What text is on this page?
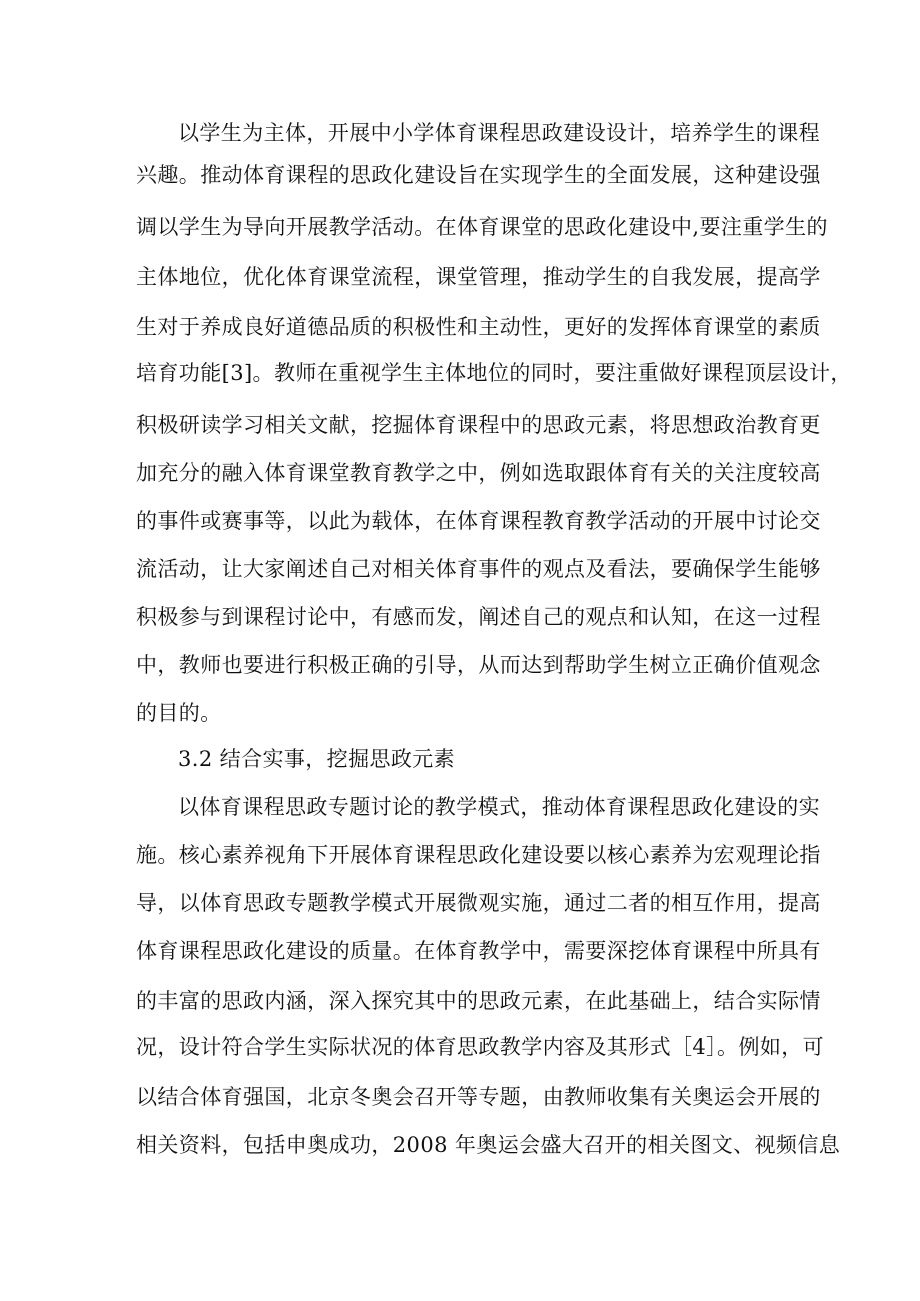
以学生为主体，开展中小学体育课程思政建设设计，培养学生的课程
兴趣。推动体育课程的思政化建设旨在实现学生的全面发展，这种建设强
调以学生为导向开展教学活动。在体育课堂的思政化建设中,要注重学生的
主体地位，优化体育课堂流程，课堂管理，推动学生的自我发展，提高学
生对于养成良好道德品质的积极性和主动性，更好的发挥体育课堂的素质
培育功能[3]。教师在重视学生主体地位的同时，要注重做好课程顶层设计，
积极研读学习相关文献，挖掘体育课程中的思政元素，将思想政治教育更
加充分的融入体育课堂教育教学之中，例如选取跟体育有关的关注度较高
的事件或赛事等，以此为载体，在体育课程教育教学活动的开展中讨论交
流活动，让大家阐述自己对相关体育事件的观点及看法，要确保学生能够
积极参与到课程讨论中，有感而发，阐述自己的观点和认知，在这一过程
中，教师也要进行积极正确的引导，从而达到帮助学生树立正确价值观念
的目的。
3.2 结合实事，挖掘思政元素
以体育课程思政专题讨论的教学模式，推动体育课程思政化建设的实
施。核心素养视角下开展体育课程思政化建设要以核心素养为宏观理论指
导，以体育思政专题教学模式开展微观实施，通过二者的相互作用，提高
体育课程思政化建设的质量。在体育教学中，需要深挖体育课程中所具有
的丰富的思政内涵，深入探究其中的思政元素，在此基础上，结合实际情
况，设计符合学生实际状况的体育思政教学内容及其形式［4］。例如，可
以结合体育强国，北京冬奥会召开等专题，由教师收集有关奥运会开展的
相关资料，包括申奥成功，2008 年奥运会盛大召开的相关图文、视频信息
